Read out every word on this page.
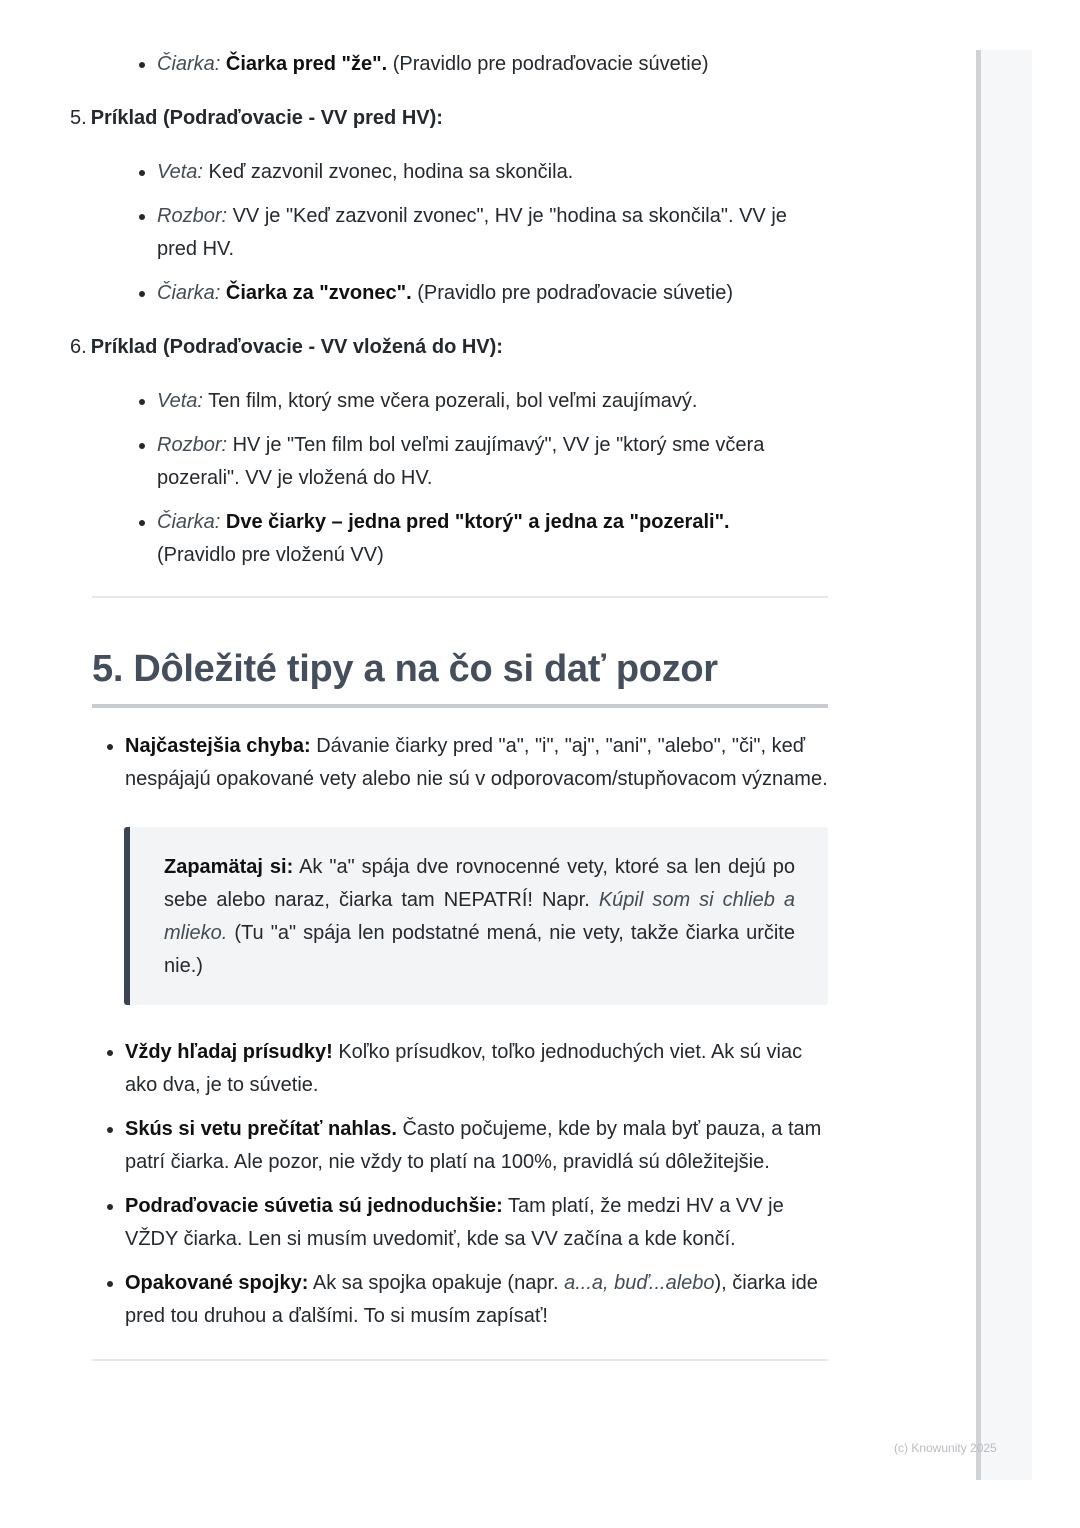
• Čiarka: Čiarka pred "že". (Pravidlo pre podraďovacie súvetie)
5. Príklad (Podraďovacie - VV pred HV):
• Veta: Keď zazvonil zvonec, hodina sa skončila.
• Rozbor: VV je "Keď zazvonil zvonec", HV je "hodina sa skončila". VV je pred HV.
• Čiarka: Čiarka za "zvonec". (Pravidlo pre podraďovacie súvetie)
6. Príklad (Podraďovacie - VV vložená do HV):
• Veta: Ten film, ktorý sme včera pozerali, bol veľmi zaujímavý.
• Rozbor: HV je "Ten film bol veľmi zaujímavý", VV je "ktorý sme včera pozerali". VV je vložená do HV.
• Čiarka: Dve čiarky – jedna pred "ktorý" a jedna za "pozerali".
(Pravidlo pre vloženú VV)
5. Dôležité tipy a na čo si dať pozor
• Najčastejšia chyba: Dávanie čiarky pred "a", "i", "aj", "ani", "alebo", "či", keď nespájajú opakované vety alebo nie sú v odporovacom/stupňovacom význame.
Zapamätaj si: Ak "a" spája dve rovnocenné vety, ktoré sa len dejú po sebe alebo naraz, čiarka tam NEPATRÍ! Napr. Kúpil som si chlieb a mlieko. (Tu "a" spája len podstatné mená, nie vety, takže čiarka určite nie.)
• Vždy hľadaj prísudky! Koľko prísudkov, toľko jednoduchých viet. Ak sú viac ako dva, je to súvetie.
• Skús si vetu prečítať nahlas. Často počujeme, kde by mala byť pauza, a tam patrí čiarka. Ale pozor, nie vždy to platí na 100%, pravidlá sú dôležitejšie.
• Podraďovacie súvetia sú jednoduchšie: Tam platí, že medzi HV a VV je VŽDY čiarka. Len si musím uvedomiť, kde sa VV začína a kde končí.
• Opakované spojky: Ak sa spojka opakuje (napr. a...a, buď...alebo), čiarka ide pred tou druhou a ďalšími. To si musím zapísať!
(c) Knowunity 2025
